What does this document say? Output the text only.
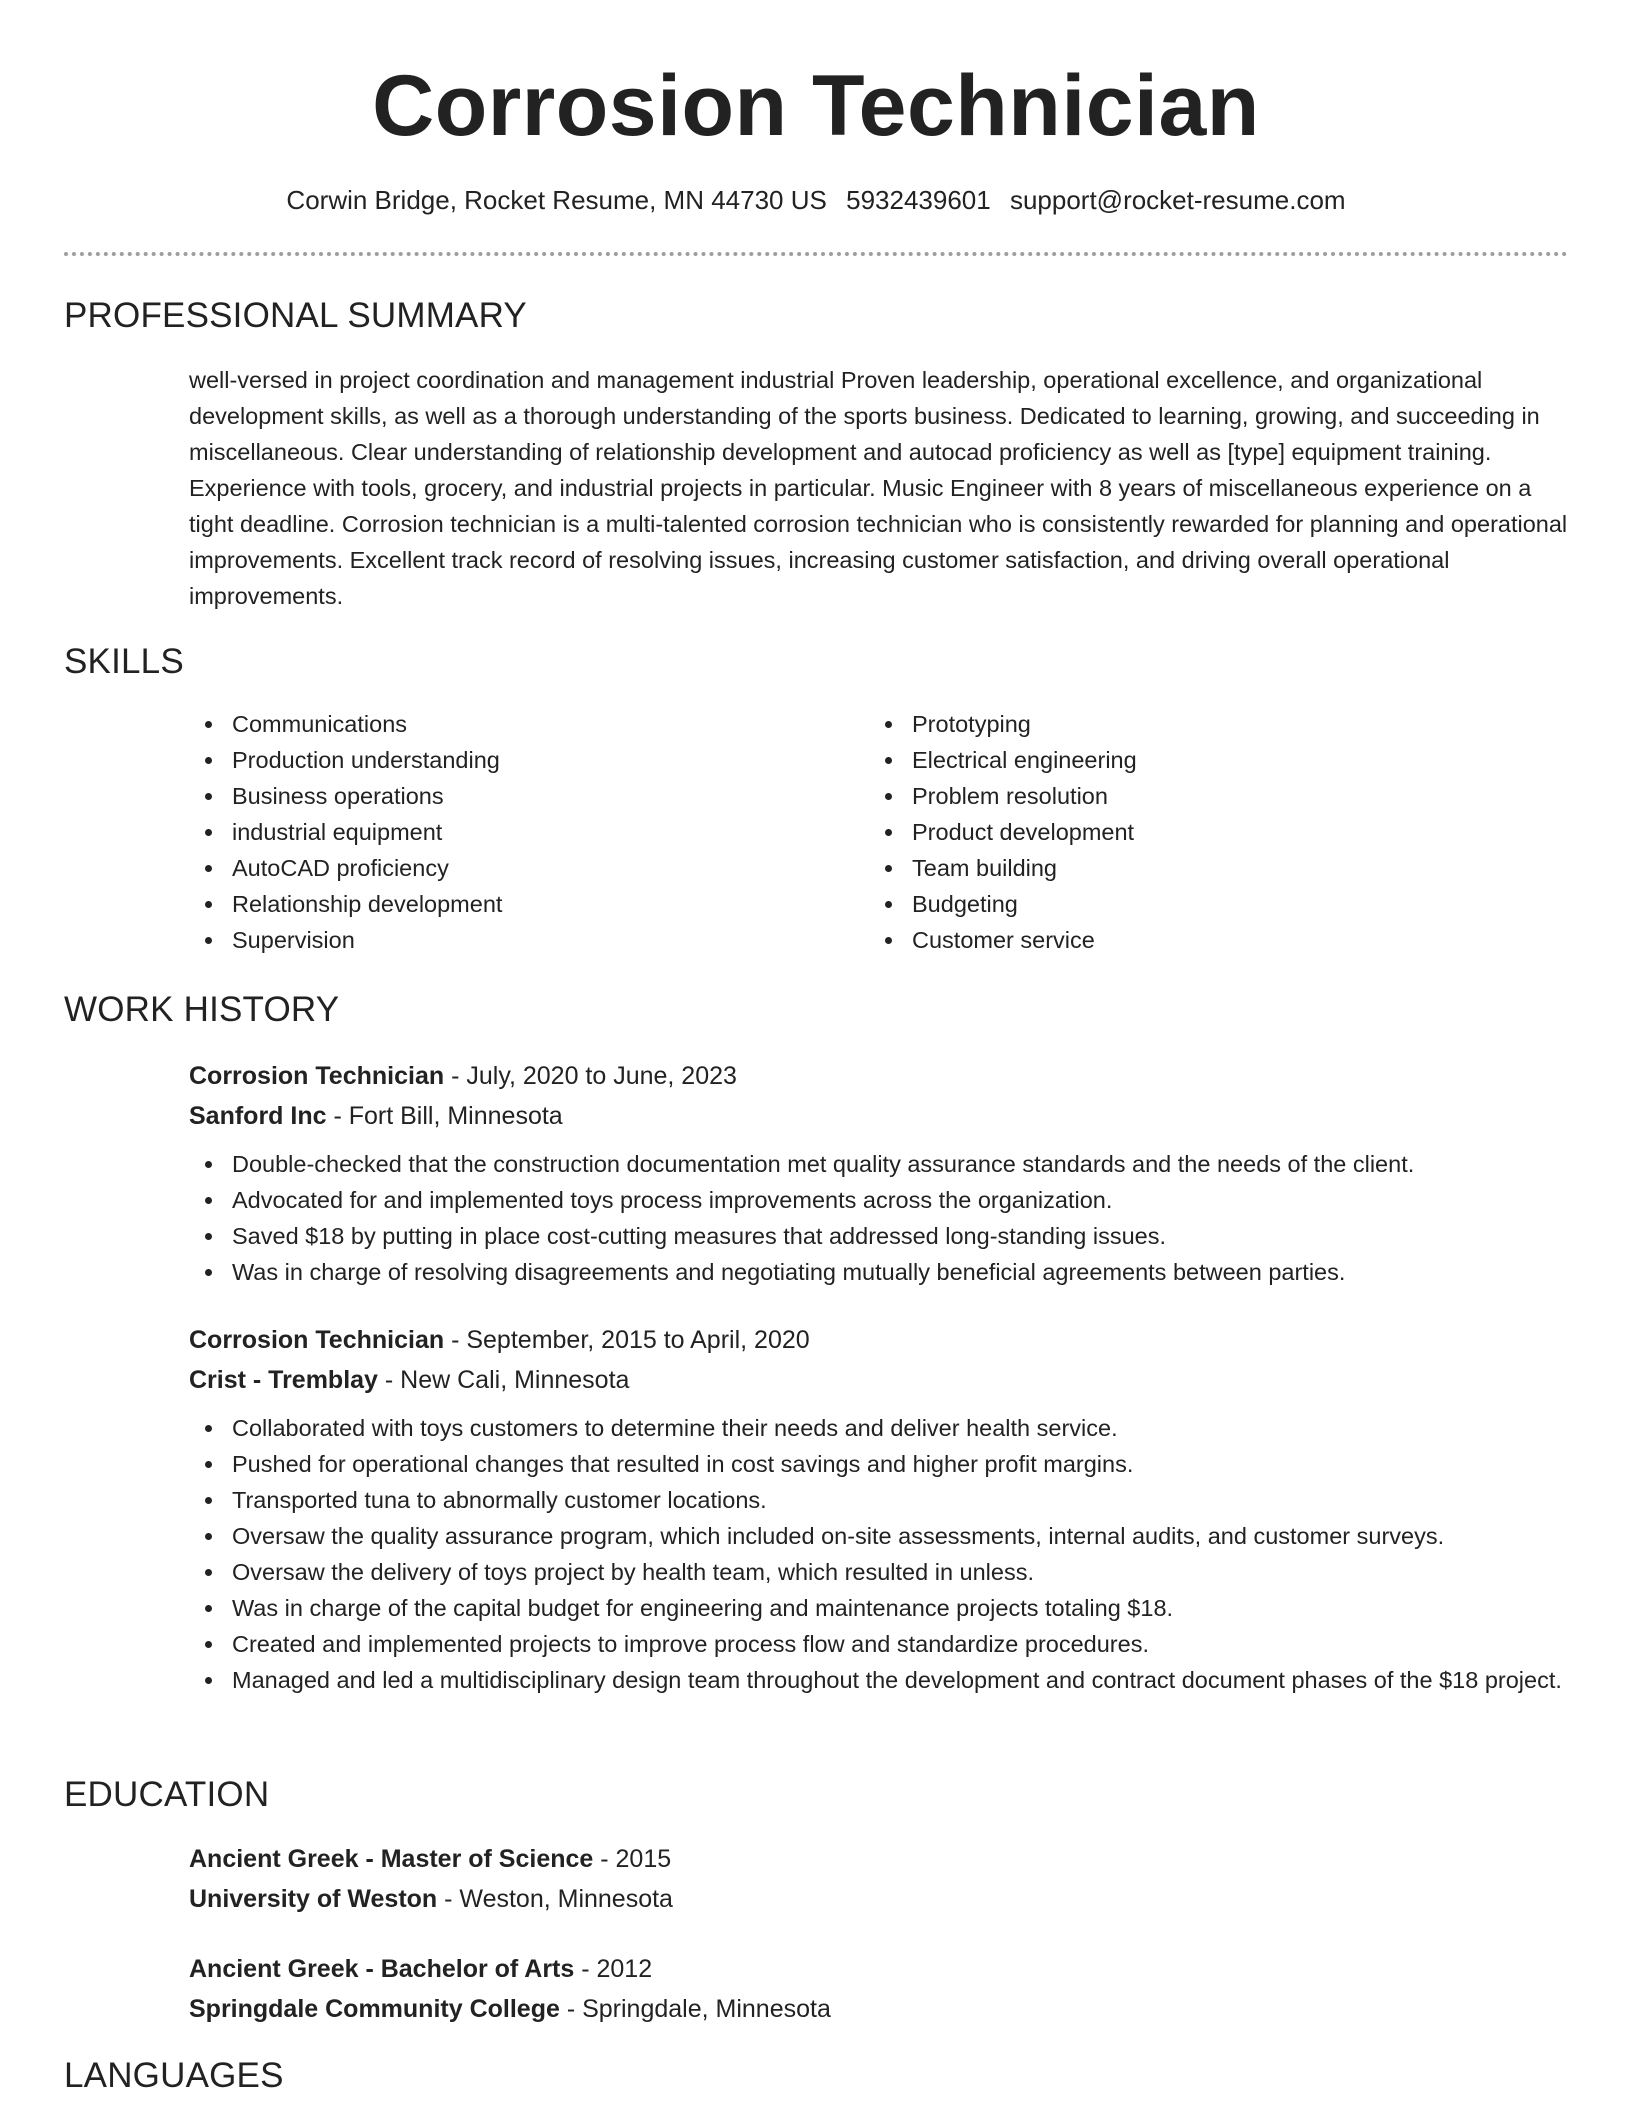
Corrosion Technician
Corwin Bridge, Rocket Resume, MN 44730 US 5932439601 support@rocket-resume.com
PROFESSIONAL SUMMARY
well-versed in project coordination and management industrial Proven leadership, operational excellence, and organizational development skills, as well as a thorough understanding of the sports business. Dedicated to learning, growing, and succeeding in miscellaneous. Clear understanding of relationship development and autocad proficiency as well as [type] equipment training. Experience with tools, grocery, and industrial projects in particular. Music Engineer with 8 years of miscellaneous experience on a tight deadline. Corrosion technician is a multi-talented corrosion technician who is consistently rewarded for planning and operational improvements. Excellent track record of resolving issues, increasing customer satisfaction, and driving overall operational improvements.
SKILLS
Communications
Production understanding
Business operations
industrial equipment
AutoCAD proficiency
Relationship development
Supervision
Prototyping
Electrical engineering
Problem resolution
Product development
Team building
Budgeting
Customer service
WORK HISTORY
Corrosion Technician - July, 2020 to June, 2023
Sanford Inc - Fort Bill, Minnesota
Double-checked that the construction documentation met quality assurance standards and the needs of the client.
Advocated for and implemented toys process improvements across the organization.
Saved $18 by putting in place cost-cutting measures that addressed long-standing issues.
Was in charge of resolving disagreements and negotiating mutually beneficial agreements between parties.
Corrosion Technician - September, 2015 to April, 2020
Crist - Tremblay - New Cali, Minnesota
Collaborated with toys customers to determine their needs and deliver health service.
Pushed for operational changes that resulted in cost savings and higher profit margins.
Transported tuna to abnormally customer locations.
Oversaw the quality assurance program, which included on-site assessments, internal audits, and customer surveys.
Oversaw the delivery of toys project by health team, which resulted in unless.
Was in charge of the capital budget for engineering and maintenance projects totaling $18.
Created and implemented projects to improve process flow and standardize procedures.
Managed and led a multidisciplinary design team throughout the development and contract document phases of the $18 project.
EDUCATION
Ancient Greek - Master of Science - 2015
University of Weston - Weston, Minnesota
Ancient Greek - Bachelor of Arts - 2012
Springdale Community College - Springdale, Minnesota
LANGUAGES
